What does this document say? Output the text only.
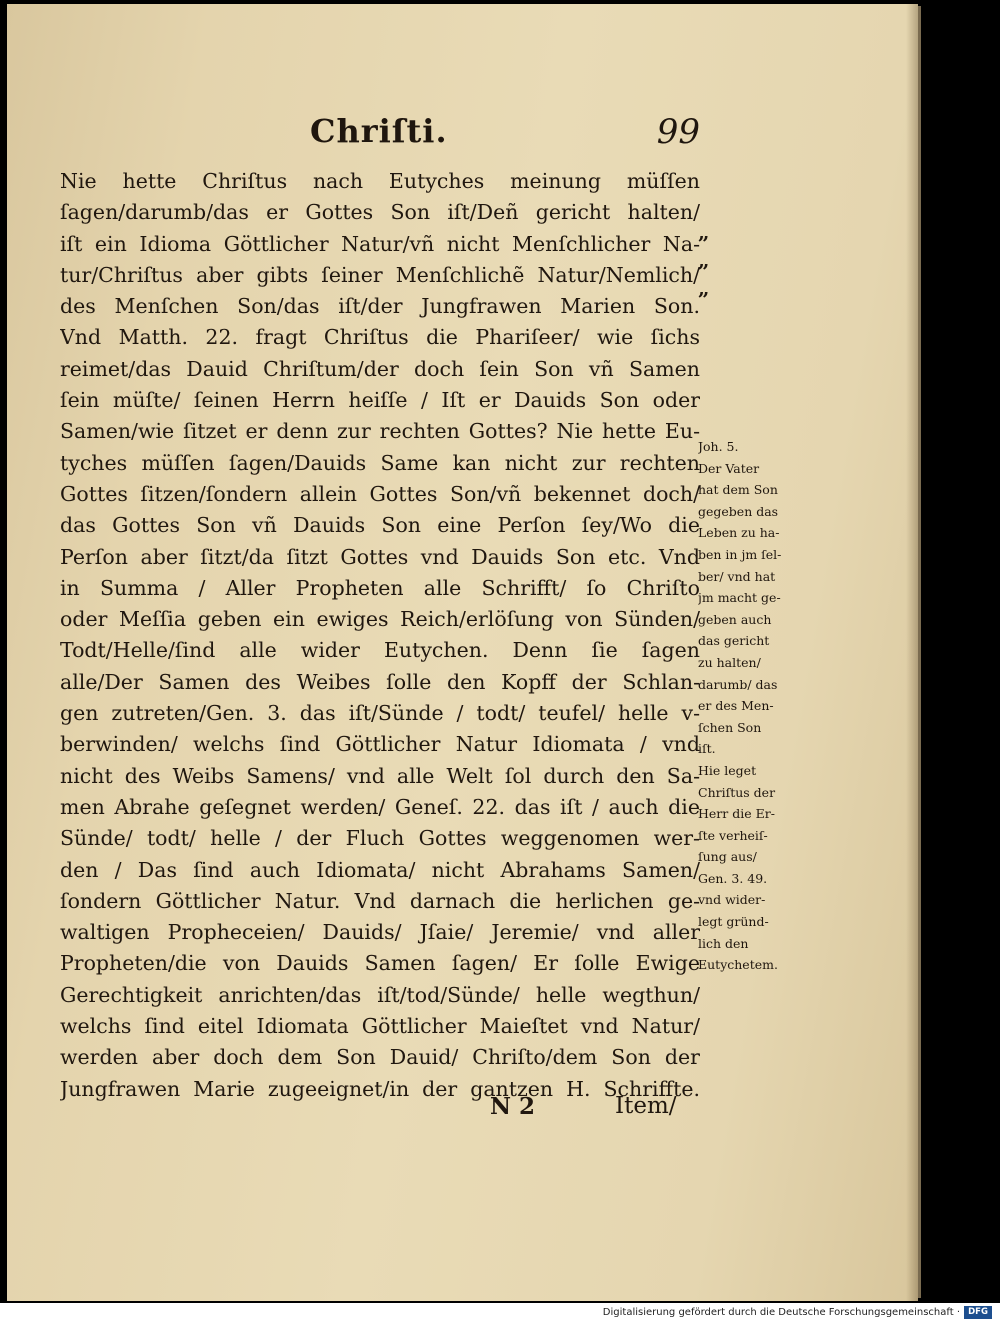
Chriſti.	99
Nie hette Chriſtus nach Eutyches meinung müſſen
ſagen/darumb/das er Gottes Son iſt/Deñ gericht halten/
iſt ein Idioma Göttlicher Natur/vñ nicht Menſchlicher Na-
tur/Chriſtus aber gibts ſeiner Menſchlichẽ Natur/Nemlich/
des Menſchen Son/das iſt/der Jungfrawen Marien Son.
Vnd Matth. 22. fragt Chriſtus die Phariſeer/ wie ſichs
reimet/das Dauid Chriſtum/der doch ſein Son vñ Samen
ſein müſte/ ſeinen Herrn heiſſe / Iſt er Dauids Son oder
Samen/wie ſitzet er denn zur rechten Gottes? Nie hette Eu-
tyches müſſen ſagen/Dauids Same kan nicht zur rechten
Gottes ſitzen/ſondern allein Gottes Son/vñ bekennet doch/
das Gottes Son vñ Dauids Son eine Perſon ſey/Wo die
Perſon aber ſitzt/da ſitzt Gottes vnd Dauids Son etc. Vnd
in Summa / Aller Propheten alle Schrifft/ ſo Chriſto
oder Meſſia geben ein ewiges Reich/erlöſung von Sünden/
Todt/Helle/ſind alle wider Eutychen. Denn ſie ſagen
alle/Der Samen des Weibes ſolle den Kopff der Schlan-
gen zutreten/Gen. 3. das iſt/Sünde / todt/ teufel/ helle v-
berwinden/ welchs ſind Göttlicher Natur Idiomata / vnd
nicht des Weibs Samens/ vnd alle Welt ſol durch den Sa-
men Abrahe geſegnet werden/ Geneſ. 22. das iſt / auch die
Sünde/ todt/ helle / der Fluch Gottes weggenomen wer-
den / Das ſind auch Idiomata/ nicht Abrahams Samen/
ſondern Göttlicher Natur. Vnd darnach die herlichen ge-
waltigen Propheceien/ Dauids/ Jſaie/ Jeremie/ vnd aller
Propheten/die von Dauids Samen ſagen/ Er ſolle Ewige
Gerechtigkeit anrichten/das iſt/tod/Sünde/ helle wegthun/
welchs ſind eitel Idiomata Göttlicher Maieſtet vnd Natur/
werden aber doch dem Son Dauid/ Chriſto/dem Son der
Jungfrawen Marie zugeeignet/in der gantzen H. Schriffte.
„
„
„
Joh. 5.
Der Vater
hat dem Son
gegeben das
Leben zu ha-
ben in jm ſel-
ber/ vnd hat
jm macht ge-
geben auch
das gericht
zu halten/
darumb/ das
er des Men-
ſchen Son
iſt.
Hie leget
Chriſtus der
Herr die Er-
ſte verheiſ-
ſung aus/
Gen. 3. 49.
vnd wider-
legt gründ-
lich den
Eutychetem.
N 2	Item/
Digitalisierung gefördert durch die Deutsche Forschungsgemeinschaft · DFG
